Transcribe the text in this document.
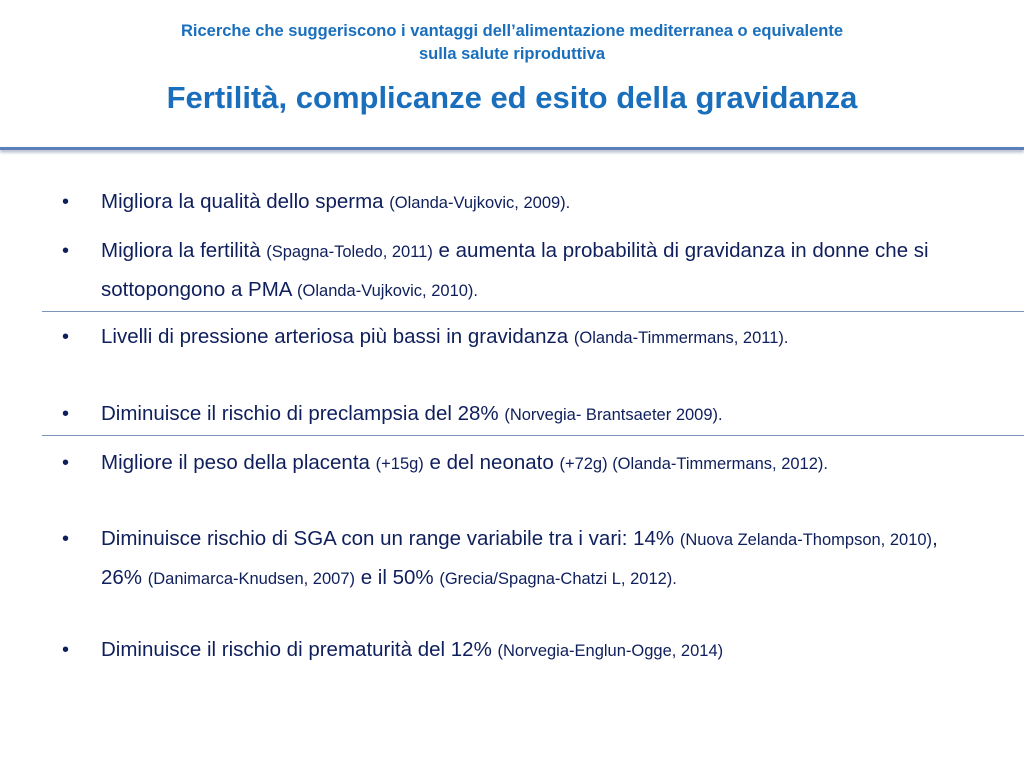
Ricerche che suggeriscono i vantaggi dell’alimentazione mediterranea o equivalente
sulla salute riproduttiva
Fertilità, complicanze ed esito della gravidanza
• Migliora la qualità dello sperma (Olanda-Vujkovic, 2009).
• Migliora la fertilità (Spagna-Toledo, 2011) e aumenta la probabilità di gravidanza in donne che si sottopongono a PMA (Olanda-Vujkovic, 2010).
• Livelli di pressione arteriosa più bassi in gravidanza (Olanda-Timmermans, 2011).
• Diminuisce il rischio di preclampsia del 28% (Norvegia- Brantsaeter 2009).
• Migliore il peso della placenta (+15g) e del neonato (+72g) (Olanda-Timmermans, 2012).
• Diminuisce rischio di SGA con un range variabile tra i vari: 14% (Nuova Zelanda-Thompson, 2010), 26% (Danimarca-Knudsen, 2007) e il 50% (Grecia/Spagna-Chatzi L, 2012).
• Diminuisce il rischio di prematurità del 12% (Norvegia-Englun-Ogge, 2014)
